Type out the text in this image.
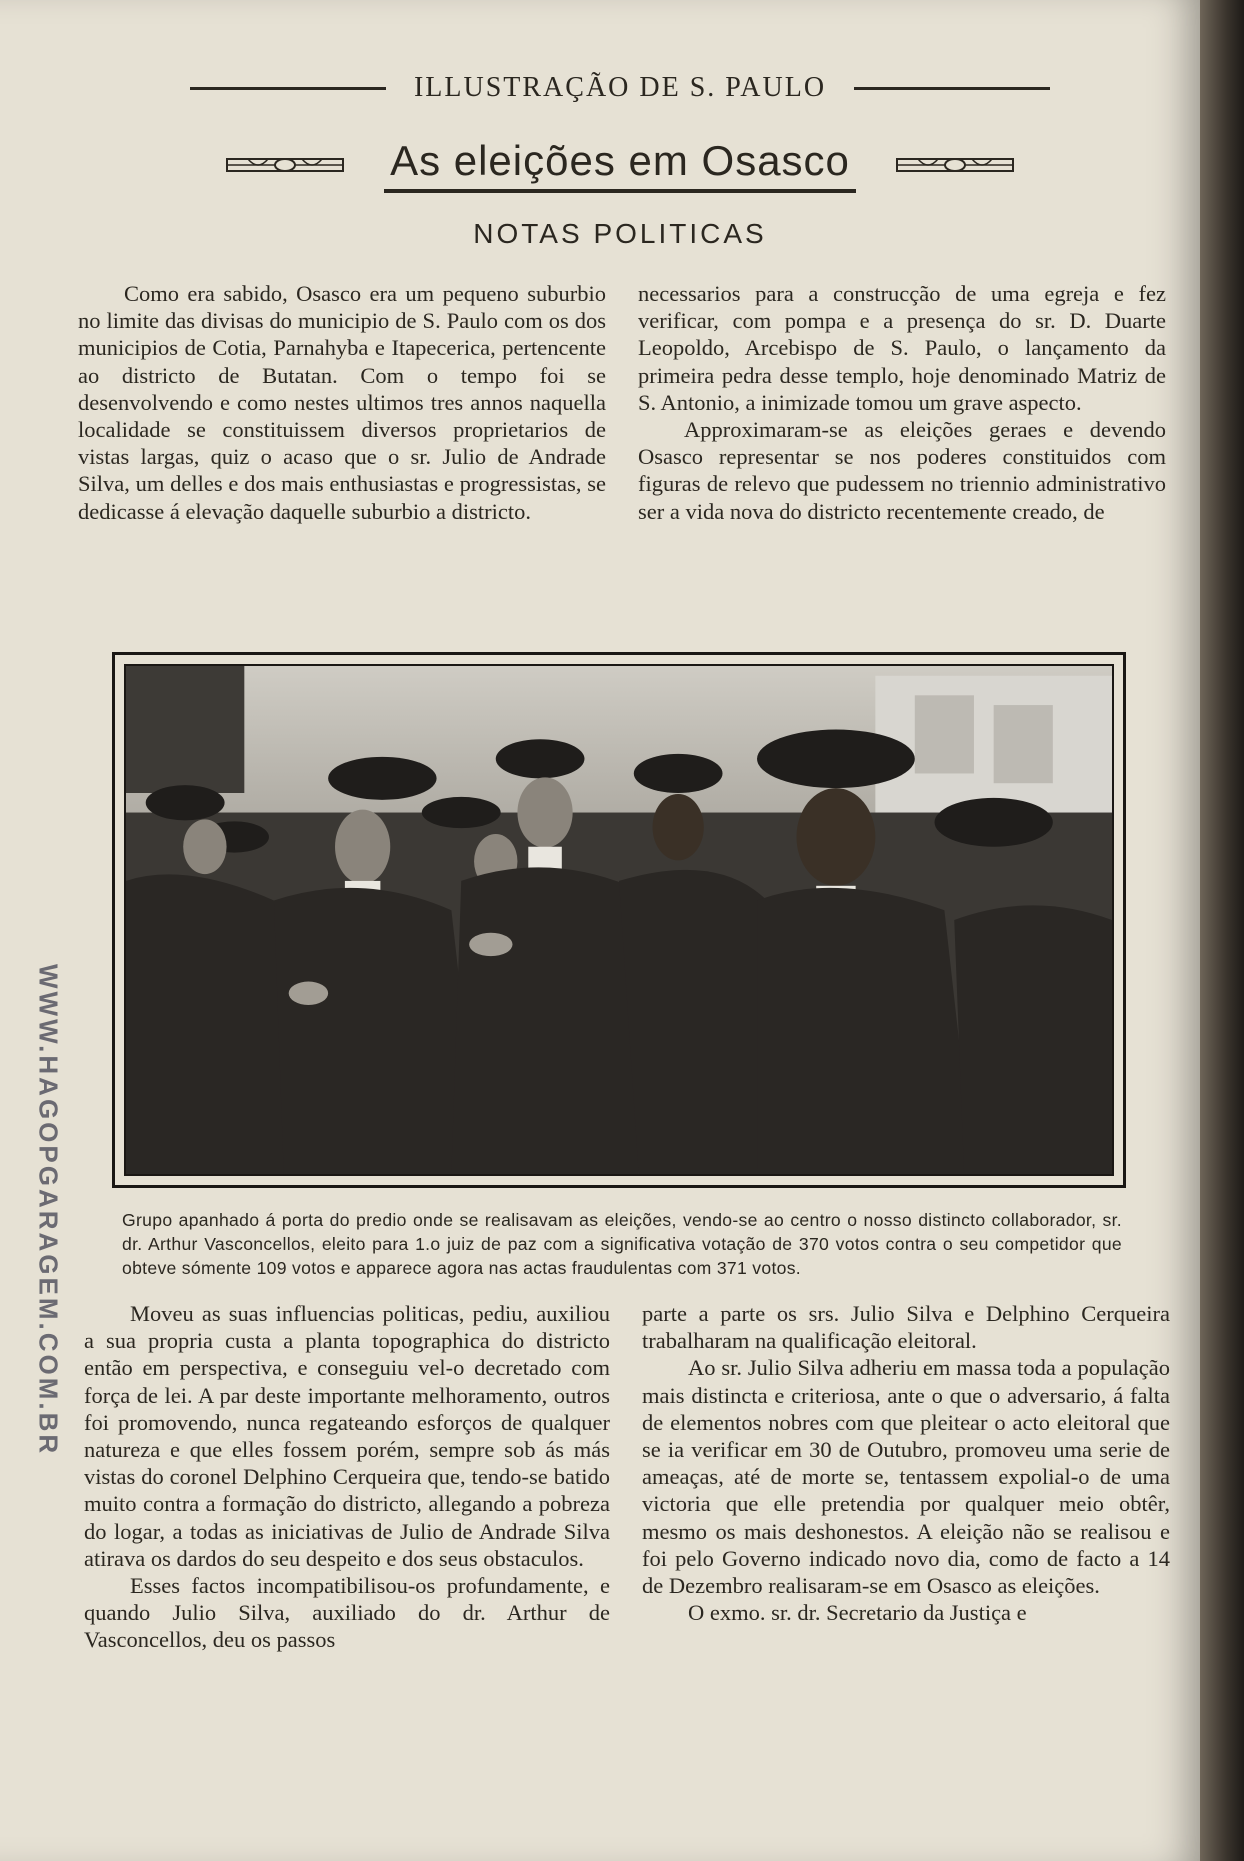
ILLUSTRAÇÃO DE S. PAULO
As eleições em Osasco
NOTAS POLITICAS

Como era sabido, Osasco era um pequeno suburbio no limite das divisas do municipio de S. Paulo com os dos municipios de Cotia, Parnahyba e Itapecerica, pertencente ao districto de Butatan. Com o tempo foi se desenvolvendo e como nestes ultimos tres annos naquella localidade se constituissem diversos proprietarios de vistas largas, quiz o acaso que o sr. Julio de Andrade Silva, um delles e dos mais enthusiastas e progressistas, se dedicasse á elevação daquelle suburbio a districto.

necessarios para a construcção de uma egreja e fez verificar, com pompa e a presença do sr. D. Duarte Leopoldo, Arcebispo de S. Paulo, o lançamento da primeira pedra desse templo, hoje denominado Matriz de S. Antonio, a inimizade tomou um grave aspecto.

Approximaram-se as eleições geraes e devendo Osasco representar se nos poderes constituidos com figuras de relevo que pudessem no triennio administrativo ser a vida nova do districto recentemente creado, de

Grupo apanhado á porta do predio onde se realisavam as eleições, vendo-se ao centro o nosso distincto collaborador, sr. dr. Arthur Vasconcellos, eleito para 1.o juiz de paz com a significativa votação de 370 votos contra o seu competidor que obteve sómente 109 votos e apparece agora nas actas fraudulentas com 371 votos.

Moveu as suas influencias politicas, pediu, auxiliou a sua propria custa a planta topographica do districto então em perspectiva, e conseguiu vel-o decretado com força de lei. A par deste importante melhoramento, outros foi promovendo, nunca regateando esforços de qualquer natureza e que elles fossem porém, sempre sob ás más vistas do coronel Delphino Cerqueira que, tendo-se batido muito contra a formação do districto, allegando a pobreza do logar, a todas as iniciativas de Julio de Andrade Silva atirava os dardos do seu despeito e dos seus obstaculos.

Esses factos incompatibilisou-os profundamente, e quando Julio Silva, auxiliado do dr. Arthur de Vasconcellos, deu os passos

parte a parte os srs. Julio Silva e Delphino Cerqueira trabalharam na qualificação eleitoral.

Ao sr. Julio Silva adheriu em massa toda a população mais distincta e criteriosa, ante o que o adversario, á falta de elementos nobres com que pleitear o acto eleitoral que se ia verificar em 30 de Outubro, promoveu uma serie de ameaças, até de morte se, tentassem expolial-o de uma victoria que elle pretendia por qualquer meio obtêr, mesmo os mais deshonestos. A eleição não se realisou e foi pelo Governo indicado novo dia, como de facto a 14 de Dezembro realisaram-se em Osasco as eleições.

O exmo. sr. dr. Secretario da Justiça e

WWW.HAGOPGARAGEM.COM.BR
